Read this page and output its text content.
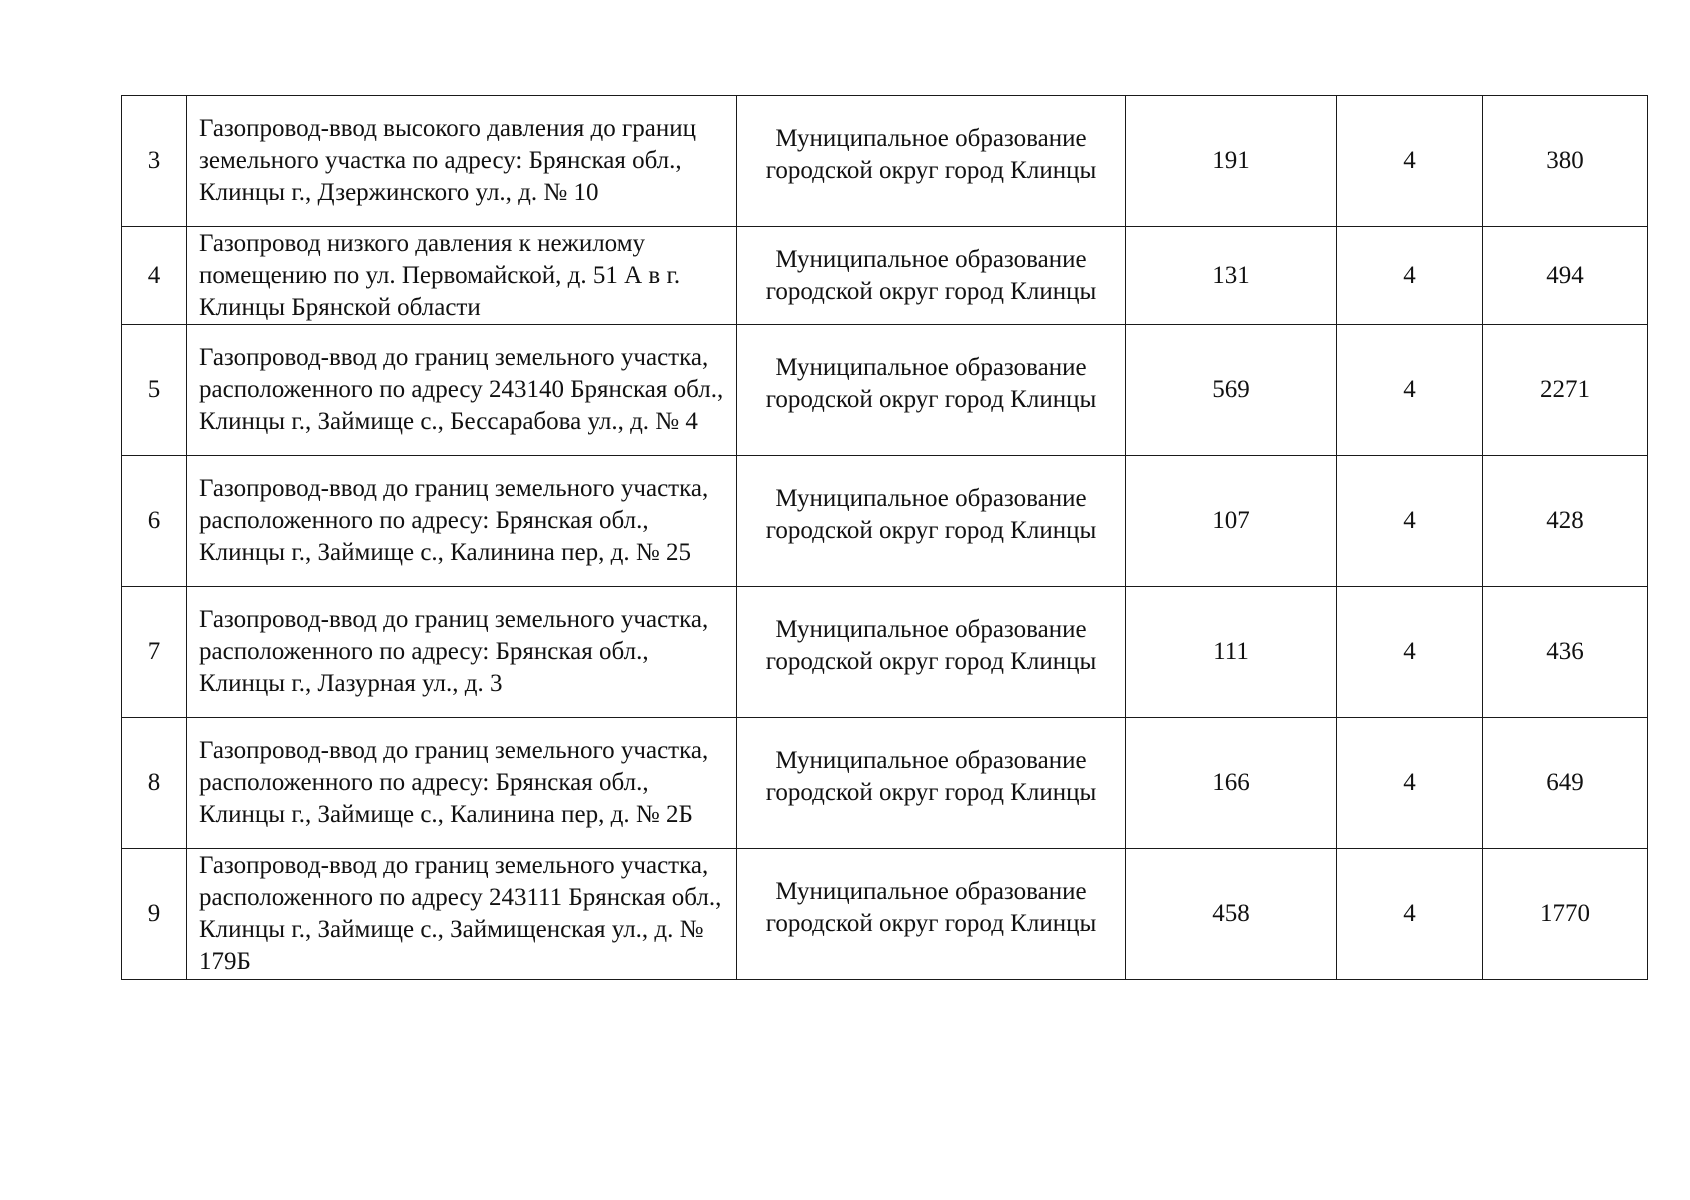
3	Газопровод-ввод высокого давления до границ земельного участка по адресу: Брянская обл., Клинцы г., Дзержинского ул., д. № 10	Муниципальное образование городской округ город Клинцы	191	4	380
4	Газопровод низкого давления к нежилому помещению по ул. Первомайской, д. 51 А в г. Клинцы Брянской области	Муниципальное образование городской округ город Клинцы	131	4	494
5	Газопровод-ввод до границ земельного участка, расположенного по адресу 243140 Брянская обл., Клинцы г., Займище с., Бессарабова ул., д. № 4	Муниципальное образование городской округ город Клинцы	569	4	2271
6	Газопровод-ввод до границ земельного участка, расположенного по адресу: Брянская обл., Клинцы г., Займище с., Калинина пер, д. № 25	Муниципальное образование городской округ город Клинцы	107	4	428
7	Газопровод-ввод до границ земельного участка, расположенного по адресу: Брянская обл., Клинцы г., Лазурная ул., д. 3	Муниципальное образование городской округ город Клинцы	111	4	436
8	Газопровод-ввод до границ земельного участка, расположенного по адресу: Брянская обл., Клинцы г., Займище с., Калинина пер, д. № 2Б	Муниципальное образование городской округ город Клинцы	166	4	649
9	Газопровод-ввод до границ земельного участка, расположенного по адресу 243111 Брянская обл., Клинцы г., Займище с., Займищенская ул., д. № 179Б	Муниципальное образование городской округ город Клинцы	458	4	1770
